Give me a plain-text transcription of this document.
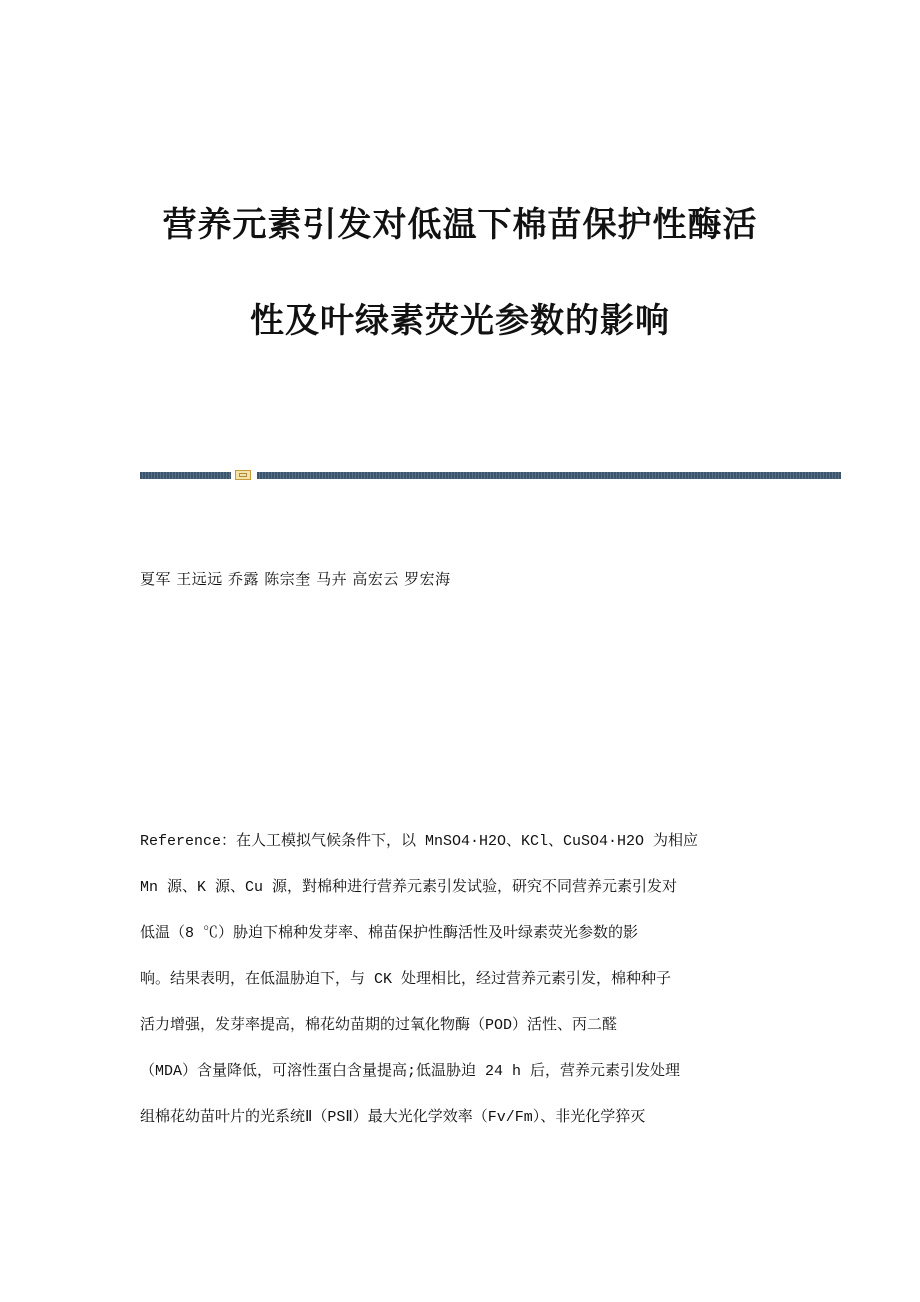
营养元素引发对低温下棉苗保护性酶活
性及叶绿素荧光参数的影响
夏军 王远远 乔露 陈宗奎 马卉 高宏云 罗宏海
Reference：在人工模拟气候条件下，以 MnSO4·H2O、KCl、CuSO4·H2O 为相应
Mn 源、K 源、Cu 源，對棉种进行营养元素引发试验，研究不同营养元素引发对
低温（8 ℃）胁迫下棉种发芽率、棉苗保护性酶活性及叶绿素荧光参数的影
响。结果表明，在低温胁迫下，与 CK 处理相比，经过营养元素引发，棉种种子
活力增强，发芽率提高，棉花幼苗期的过氧化物酶（POD）活性、丙二醛
（MDA）含量降低，可溶性蛋白含量提高;低温胁迫 24 h 后，营养元素引发处理
组棉花幼苗叶片的光系统Ⅱ（PSⅡ）最大光化学效率（Fv/Fm）、非光化学猝灭
